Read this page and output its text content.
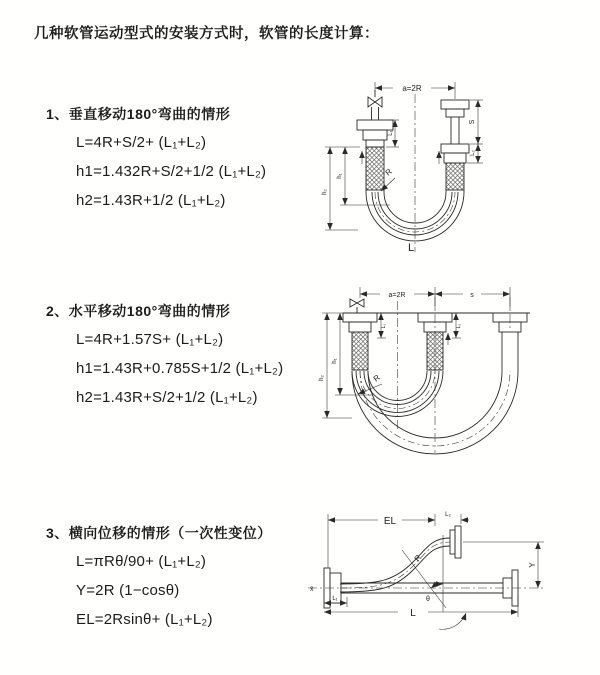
几种软管运动型式的安装方式时，软管的长度计算：
1、垂直移动180°弯曲的情形
L=4R+S/2+ (L₁+L₂)
h1=1.432R+S/2+1/2 (L₁+L₂)
h2=1.43R+1/2 (L₁+L₂)
2、水平移动180°弯曲的情形
L=4R+1.57S+ (L₁+L₂)
h1=1.43R+0.785S+1/2 (L₁+L₂)
h2=1.43R+S/2+1/2 (L₁+L₂)
3、横向位移的情形（一次性变位）
L=πRθ/90+ (L₁+L₂)
Y=2R (1−cosθ)
EL=2Rsinθ+ (L₁+L₂)
a=2R
L₁
S
L₂
h₁
h₂
R
L
a=2R	s
L₁	L₂
h₁
h₂	R
EL
L₂
Y
R
θ
L
L₁
x̄
